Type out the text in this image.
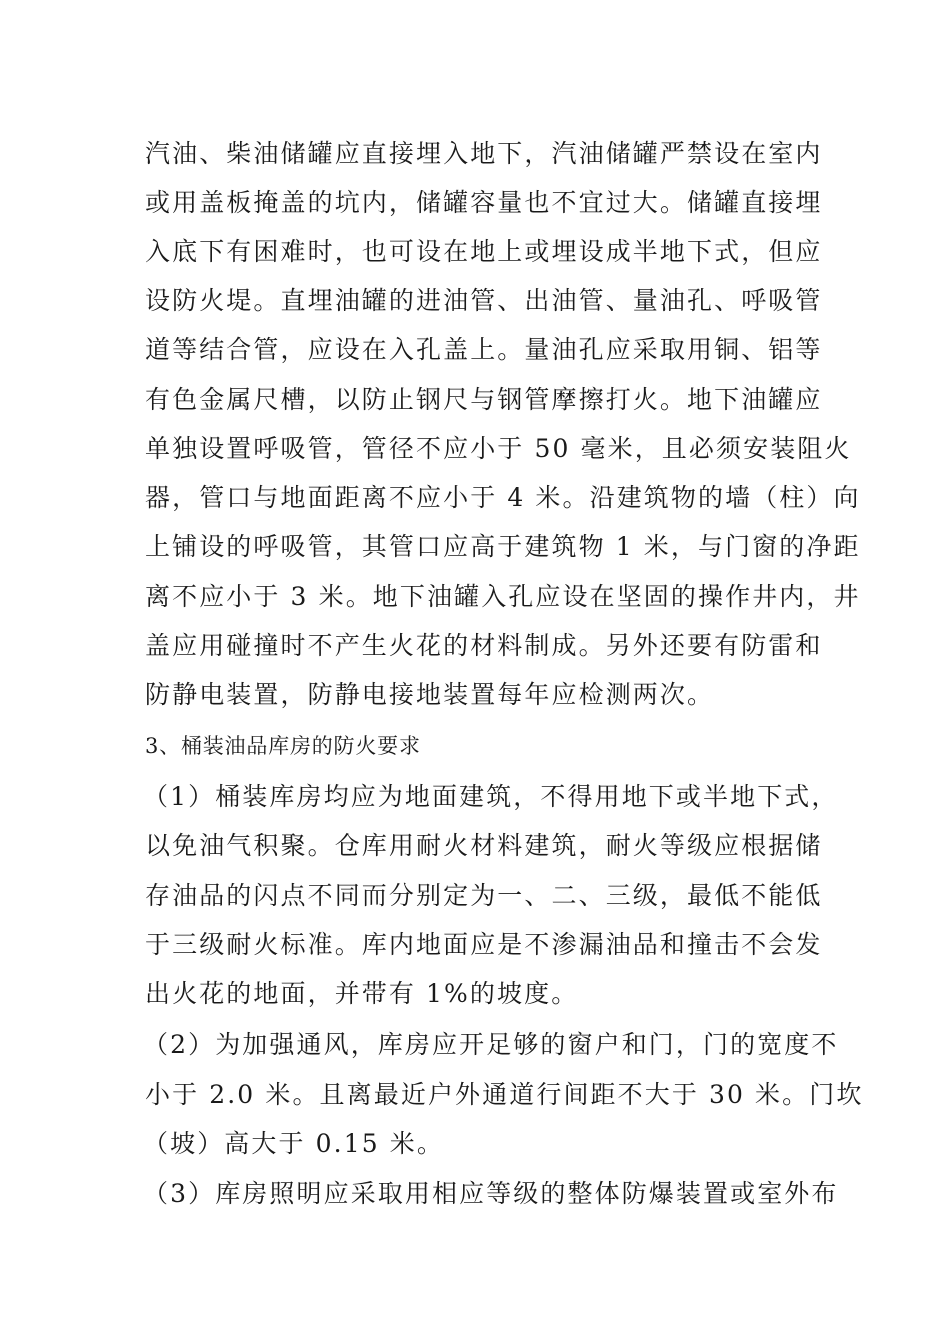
汽油、柴油储罐应直接埋入地下，汽油储罐严禁设在室内
或用盖板掩盖的坑内，储罐容量也不宜过大。储罐直接埋
入底下有困难时，也可设在地上或埋设成半地下式，但应
设防火堤。直埋油罐的进油管、出油管、量油孔、呼吸管
道等结合管，应设在入孔盖上。量油孔应采取用铜、铝等
有色金属尺槽，以防止钢尺与钢管摩擦打火。地下油罐应
单独设置呼吸管，管径不应小于 50 毫米，且必须安装阻火
器，管口与地面距离不应小于 4 米。沿建筑物的墙（柱）向
上铺设的呼吸管，其管口应高于建筑物 1 米，与门窗的净距
离不应小于 3 米。地下油罐入孔应设在坚固的操作井内，井
盖应用碰撞时不产生火花的材料制成。另外还要有防雷和
防静电装置，防静电接地装置每年应检测两次。
3、桶装油品库房的防火要求
（1）桶装库房均应为地面建筑，不得用地下或半地下式，
以免油气积聚。仓库用耐火材料建筑，耐火等级应根据储
存油品的闪点不同而分别定为一、二、三级，最低不能低
于三级耐火标准。库内地面应是不渗漏油品和撞击不会发
出火花的地面，并带有 1%的坡度。
（2）为加强通风，库房应开足够的窗户和门，门的宽度不
小于 2.0 米。且离最近户外通道行间距不大于 30 米。门坎
（坡）高大于 0.15 米。
（3）库房照明应采取用相应等级的整体防爆装置或室外布
